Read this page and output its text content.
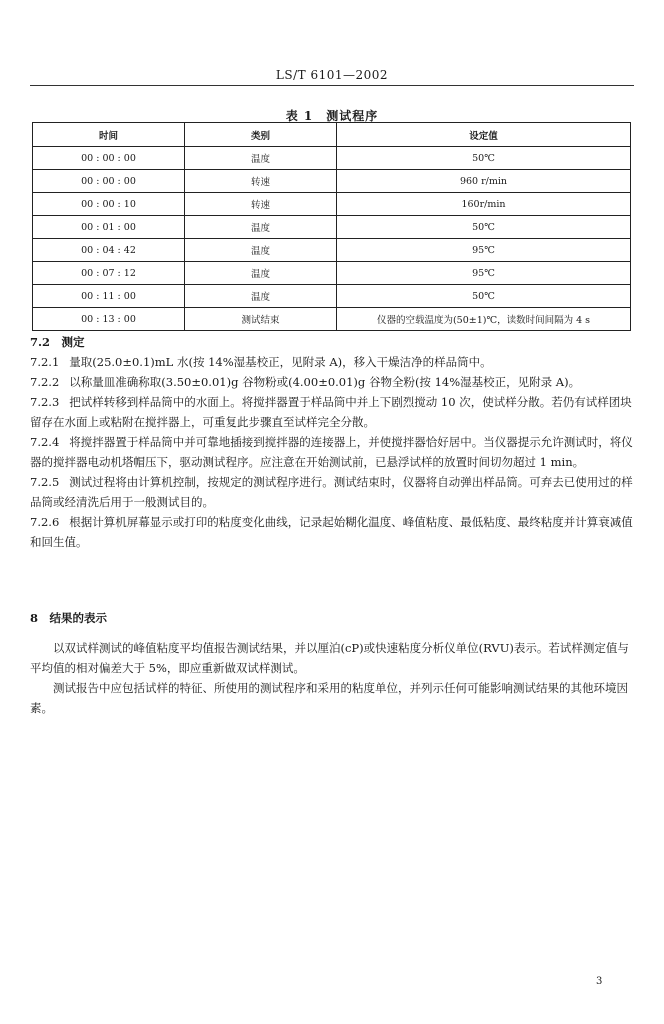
LS/T 6101—2002
表 1　测试程序
时间	类别	设定值
00 : 00 : 00	温度	50℃
00 : 00 : 00	转速	960 r/min
00 : 00 : 10	转速	160r/min
00 : 01 : 00	温度	50℃
00 : 04 : 42	温度	95℃
00 : 07 : 12	温度	95℃
00 : 11 : 00	温度	50℃
00 : 13 : 00	测试结束	仪器的空载温度为(50±1)℃，读数时间间隔为 4 s

7.2　测定

7.2.1 量取(25.0±0.1)mL 水(按 14%湿基校正，见附录 A)，移入干燥洁净的样品筒中。

7.2.2 以称量皿准确称取(3.50±0.01)g 谷物粉或(4.00±0.01)g 谷物全粉(按 14%湿基校正，见附录 A)。

7.2.3 把试样转移到样品筒中的水面上。将搅拌器置于样品筒中并上下剧烈搅动 10 次，使试样分散。若仍有试样团块留存在水面上或粘附在搅拌器上，可重复此步骤直至试样完全分散。

7.2.4 将搅拌器置于样品筒中并可靠地插接到搅拌器的连接器上，并使搅拌器恰好居中。当仪器提示允许测试时，将仪器的搅拌器电动机塔帽压下，驱动测试程序。应注意在开始测试前，已悬浮试样的放置时间切勿超过 1 min。

7.2.5 测试过程将由计算机控制，按规定的测试程序进行。测试结束时，仪器将自动弹出样品筒。可弃去已使用过的样品筒或经清洗后用于一般测试目的。

7.2.6 根据计算机屏幕显示或打印的粘度变化曲线，记录起始糊化温度、峰值粘度、最低粘度、最终粘度并计算衰减值和回生值。

8　结果的表示

以双试样测试的峰值粘度平均值报告测试结果，并以厘泊(cP)或快速粘度分析仪单位(RVU)表示。若试样测定值与平均值的相对偏差大于 5%，即应重新做双试样测试。

测试报告中应包括试样的特征、所使用的测试程序和采用的粘度单位，并列示任何可能影响测试结果的其他环境因素。

3
